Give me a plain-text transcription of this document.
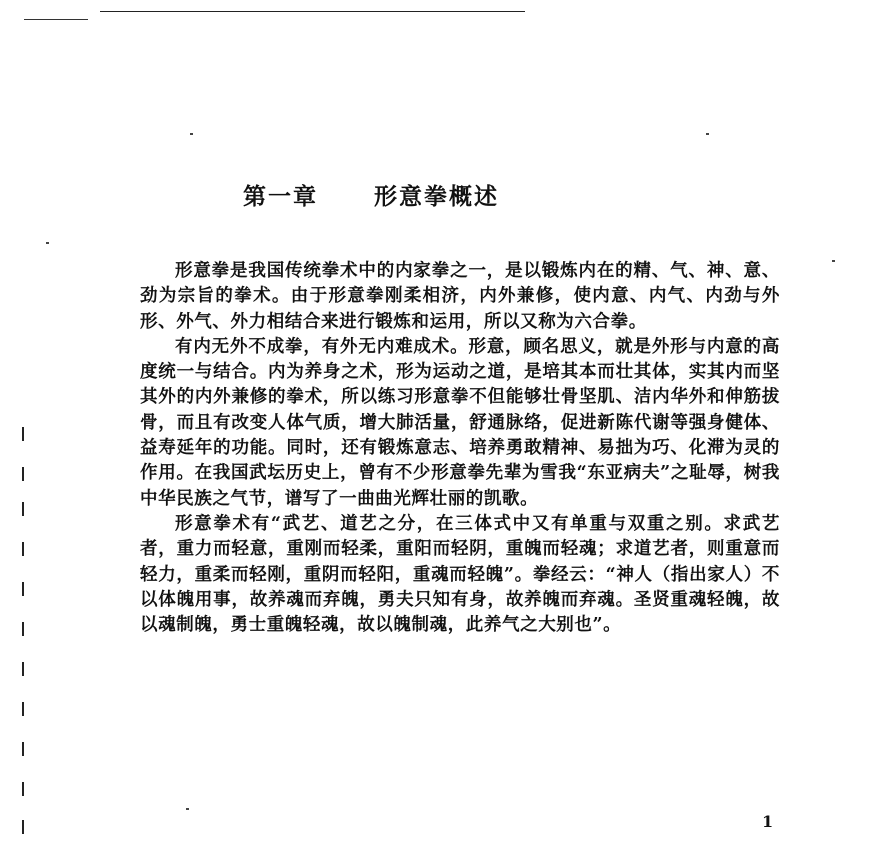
第一章 形意拳概述

形意拳是我国传统拳术中的内家拳之一，是以锻炼内在的精、气、神、意、劲为宗旨的拳术。由于形意拳刚柔相济，内外兼修，使内意、内气、内劲与外形、外气、外力相结合来进行锻炼和运用，所以又称为六合拳。

有内无外不成拳，有外无内难成术。形意，顾名思义，就是外形与内意的高度统一与结合。内为养身之术，形为运动之道，是培其本而壮其体，实其内而坚其外的内外兼修的拳术，所以练习形意拳不但能够壮骨坚肌、洁内华外和伸筋拔骨，而且有改变人体气质，增大肺活量，舒通脉络，促进新陈代谢等强身健体、益寿延年的功能。同时，还有锻炼意志、培养勇敢精神、易拙为巧、化滞为灵的作用。在我国武坛历史上，曾有不少形意拳先辈为雪我“东亚病夫”之耻辱，树我中华民族之气节，谱写了一曲曲光辉壮丽的凯歌。

形意拳术有“武艺、道艺之分，在三体式中又有单重与双重之别。求武艺者，重力而轻意，重刚而轻柔，重阳而轻阴，重魄而轻魂；求道艺者，则重意而轻力，重柔而轻刚，重阴而轻阳，重魂而轻魄”。拳经云：“神人（指出家人）不以体魄用事，故养魂而弃魄，勇夫只知有身，故养魄而弃魂。圣贤重魂轻魄，故以魂制魄，勇士重魄轻魂，故以魄制魂，此养气之大别也”。

1
